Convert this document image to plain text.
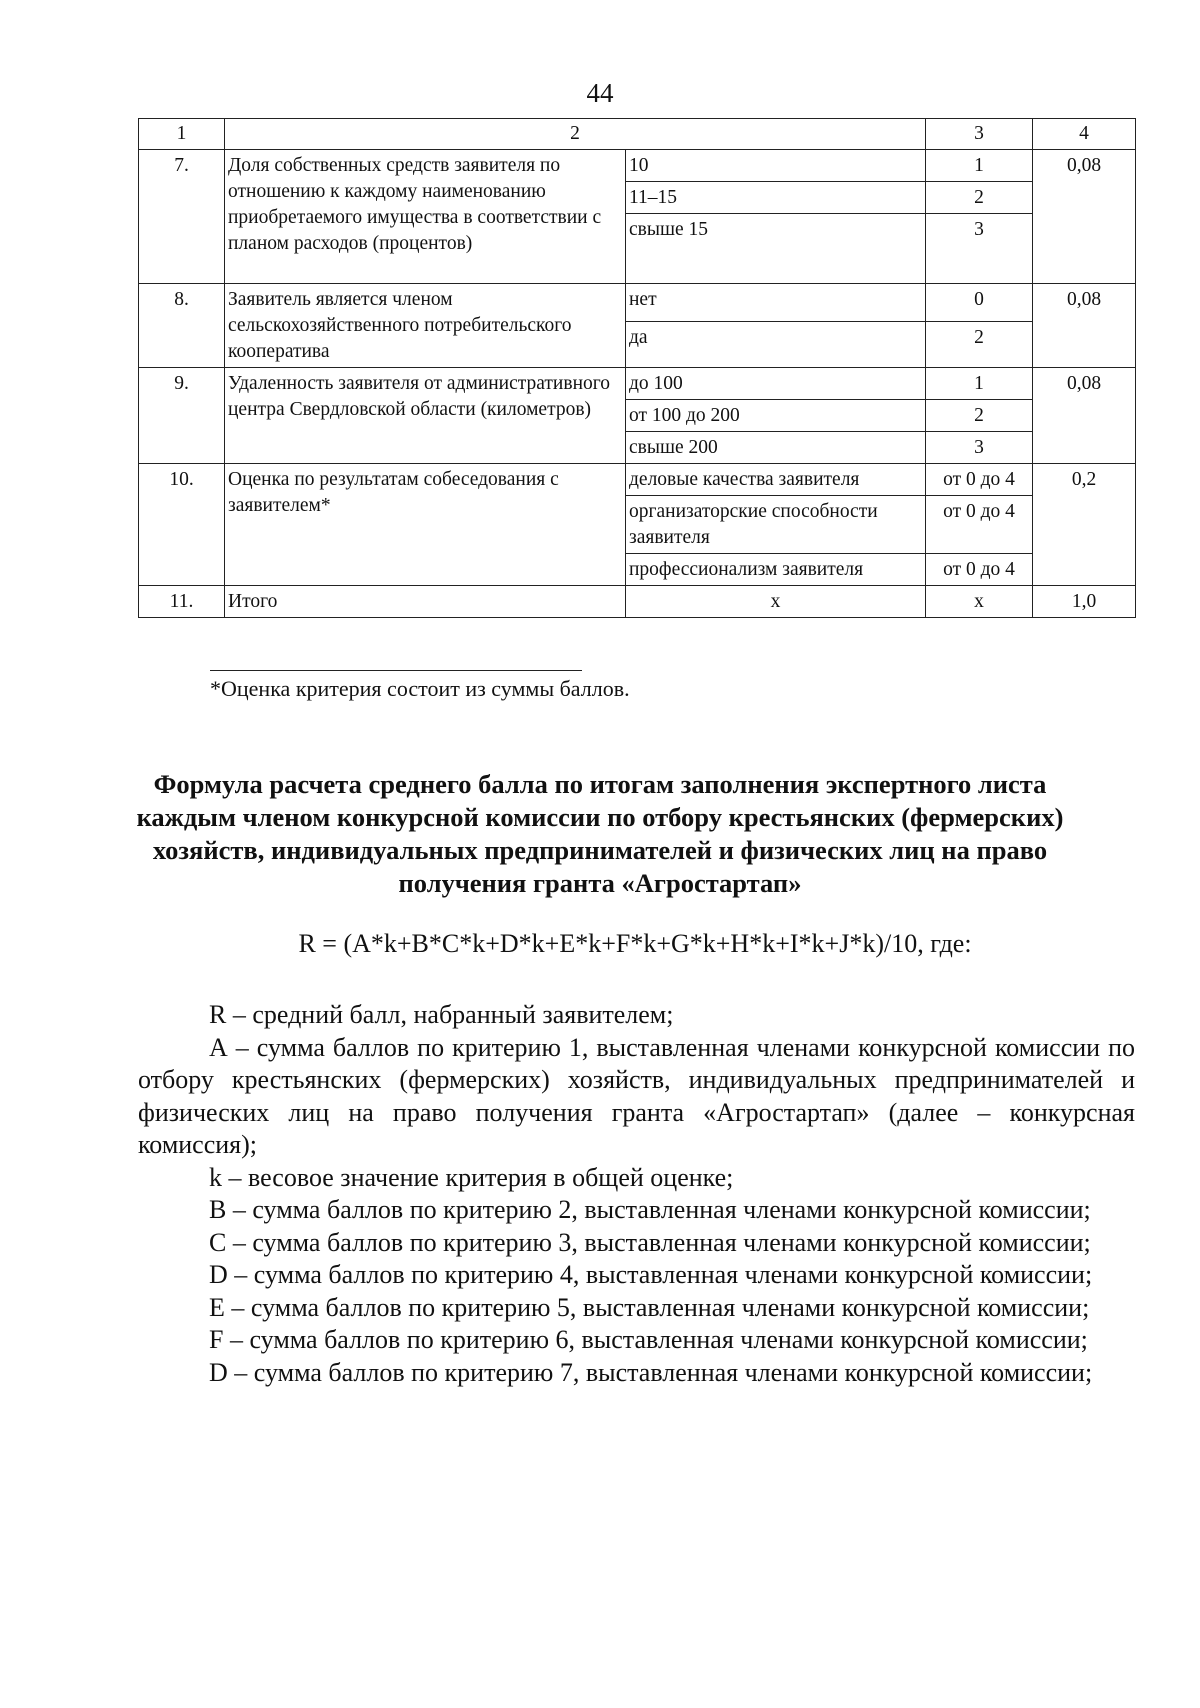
44
1	2		3	4
7.	Доля собственных средств заявителя по отношению к каждому наименованию приобретаемого имущества в соответствии с планом расходов (процентов)	10	1	0,08
		11–15	2	
		свыше 15	3	
8.	Заявитель является членом сельскохозяйственного потребительского кооператива	нет	0	0,08
		да	2	
9.	Удаленность заявителя от административного центра Свердловской области (километров)	до 100	1	0,08
		от 100 до 200	2	
		свыше 200	3	
10.	Оценка по результатам собеседования с заявителем*	деловые качества заявителя	от 0 до 4	0,2
		организаторские способности заявителя	от 0 до 4	
		профессионализм заявителя	от 0 до 4	
11.	Итого	х	х	1,0
*Оценка критерия состоит из суммы баллов.
Формула расчета среднего балла по итогам заполнения экспертного листа каждым членом конкурсной комиссии по отбору крестьянских (фермерских) хозяйств, индивидуальных предпринимателей и физических лиц на право получения гранта «Агростартап»
R = (A*k+B*C*k+D*k+E*k+F*k+G*k+H*k+I*k+J*k)/10, где:

R – средний балл, набранный заявителем;

А – сумма баллов по критерию 1, выставленная членами конкурсной комиссии по отбору крестьянских (фермерских) хозяйств, индивидуальных предпринимателей и физических лиц на право получения гранта «Агростартап» (далее – конкурсная комиссия);

k – весовое значение критерия в общей оценке;

В – сумма баллов по критерию 2, выставленная членами конкурсной комиссии;

С – сумма баллов по критерию 3, выставленная членами конкурсной комиссии;

D – сумма баллов по критерию 4, выставленная членами конкурсной комиссии;

Е – сумма баллов по критерию 5, выставленная членами конкурсной комиссии;

F – сумма баллов по критерию 6, выставленная членами конкурсной комиссии;

D – сумма баллов по критерию 7, выставленная членами конкурсной комиссии;
